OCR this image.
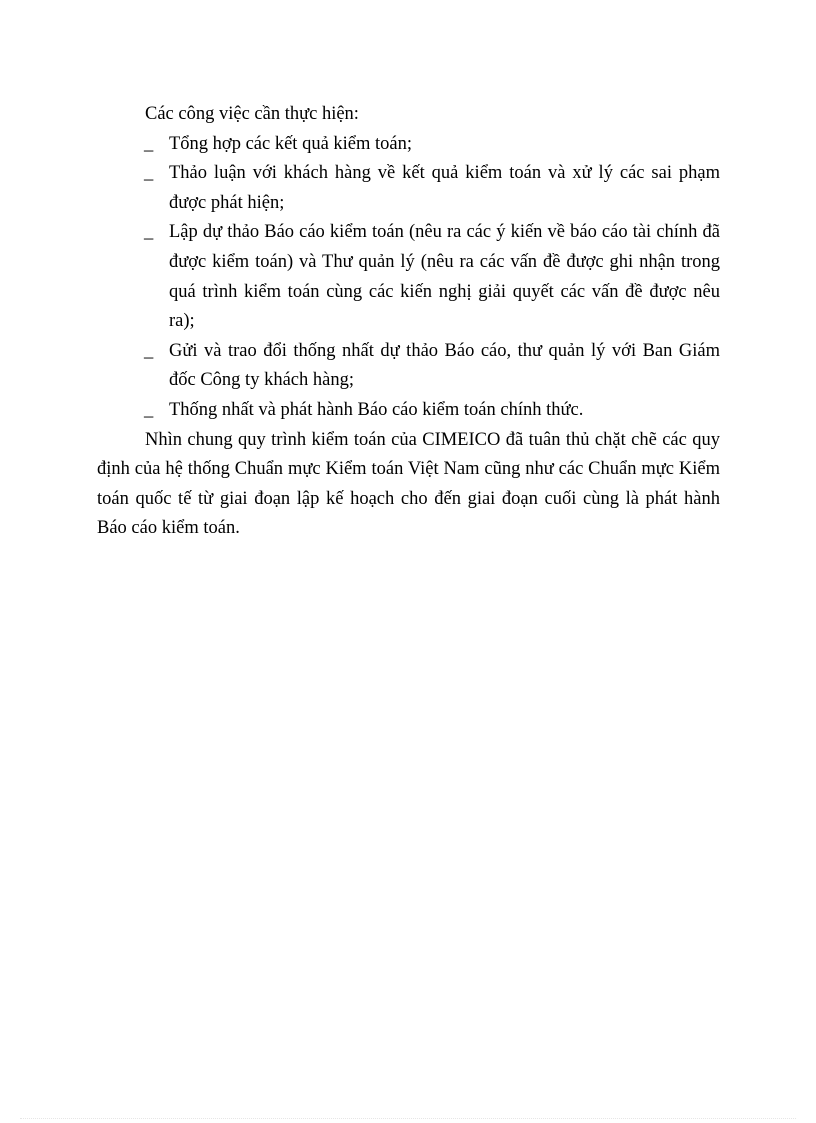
Các công việc cần thực hiện:

_ Tổng hợp các kết quả kiểm toán;
_ Thảo luận với khách hàng về kết quả kiểm toán và xử lý các sai phạm được phát hiện;
_ Lập dự thảo Báo cáo kiểm toán (nêu ra các ý kiến về báo cáo tài chính đã được kiểm toán) và Thư quản lý (nêu ra các vấn đề được ghi nhận trong quá trình kiểm toán cùng các kiến nghị giải quyết các vấn đề được nêu ra);
_ Gửi và trao đổi thống nhất dự thảo Báo cáo, thư quản lý với Ban Giám đốc Công ty khách hàng;
_ Thống nhất và phát hành Báo cáo kiểm toán chính thức.

Nhìn chung quy trình kiểm toán của CIMEICO đã tuân thủ chặt chẽ các quy định của hệ thống Chuẩn mực Kiểm toán Việt Nam cũng như các Chuẩn mực Kiểm toán quốc tế từ giai đoạn lập kế hoạch cho đến giai đoạn cuối cùng là phát hành Báo cáo kiểm toán.
